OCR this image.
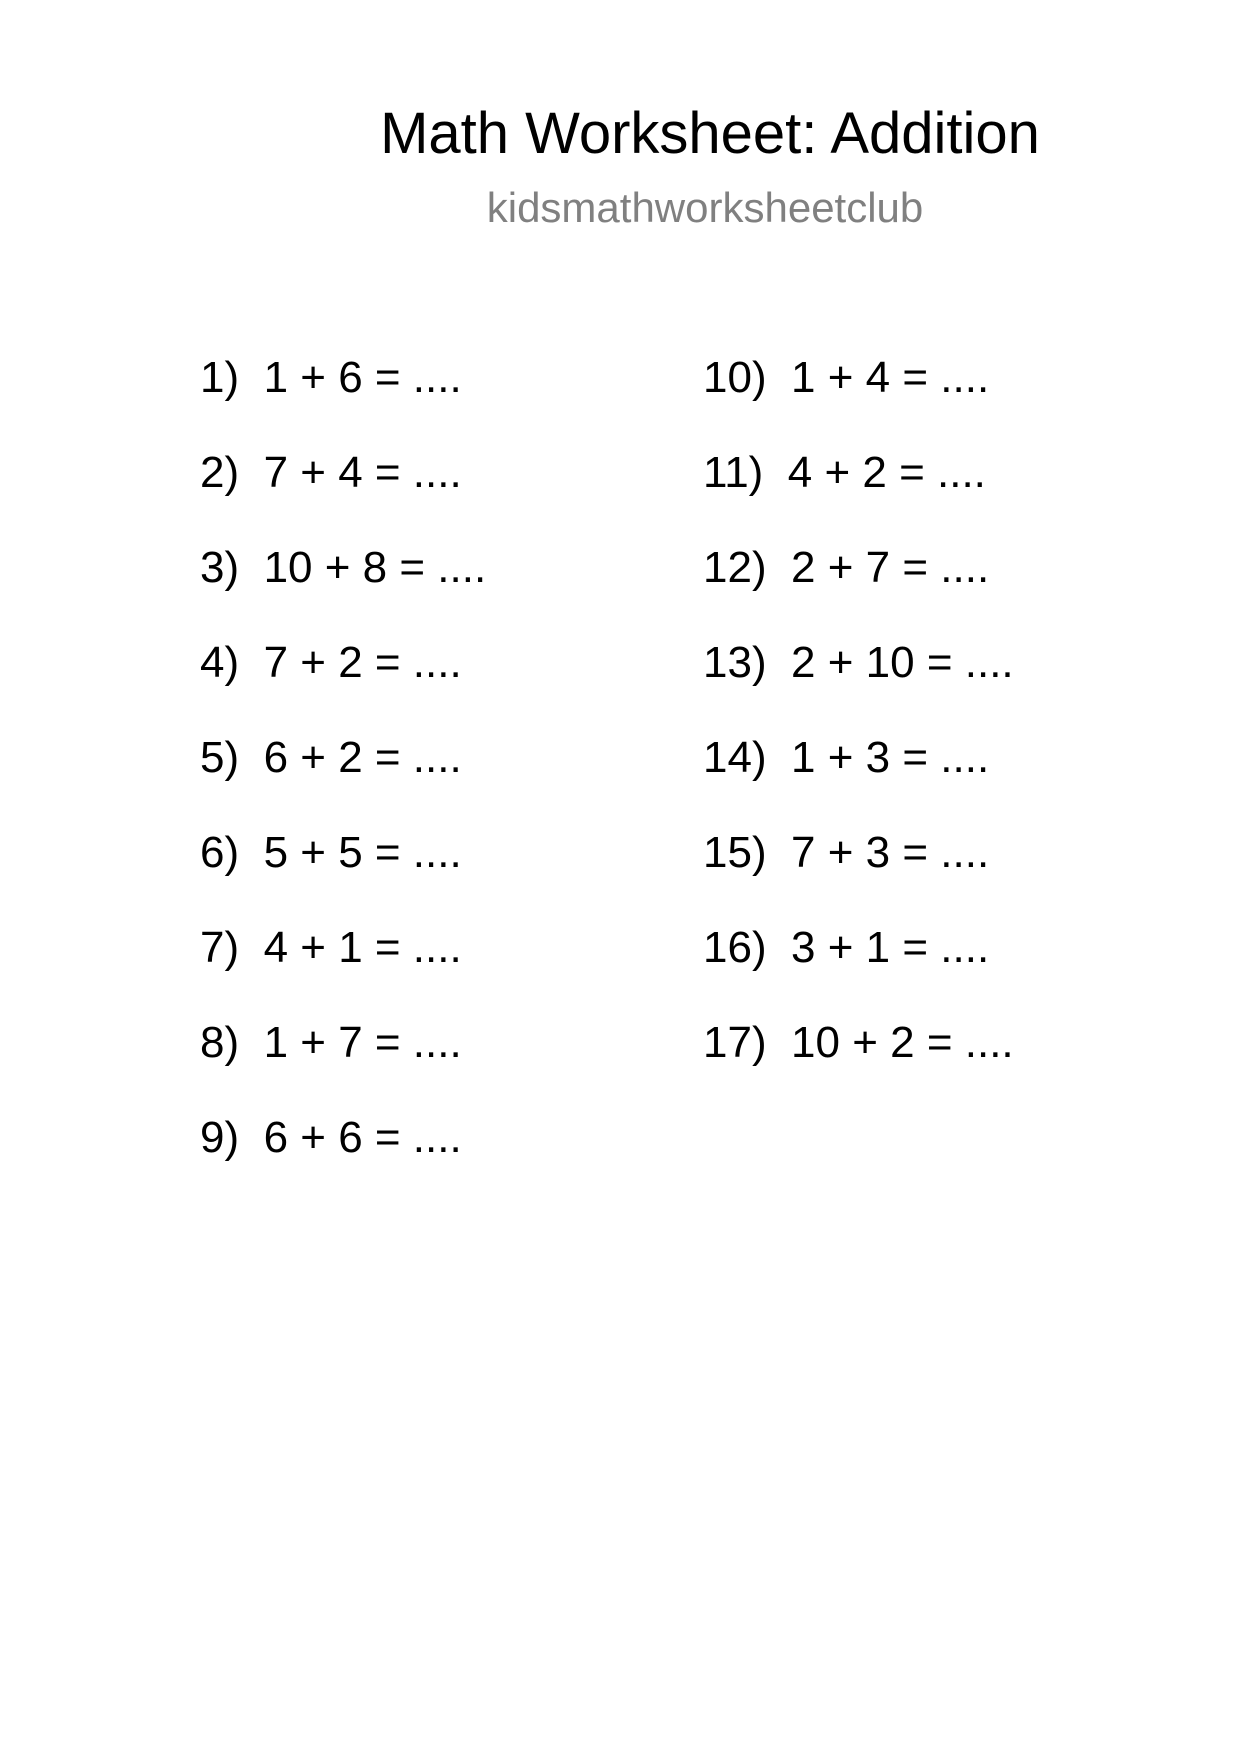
Math Worksheet: Addition

kidsmathworksheetclub

1)  1 + 6 = ....
2)  7 + 4 = ....
3)  10 + 8 = ....
4)  7 + 2 = ....
5)  6 + 2 = ....
6)  5 + 5 = ....
7)  4 + 1 = ....
8)  1 + 7 = ....
9)  6 + 6 = ....
10)  1 + 4 = ....
11)  4 + 2 = ....
12)  2 + 7 = ....
13)  2 + 10 = ....
14)  1 + 3 = ....
15)  7 + 3 = ....
16)  3 + 1 = ....
17)  10 + 2 = ....
